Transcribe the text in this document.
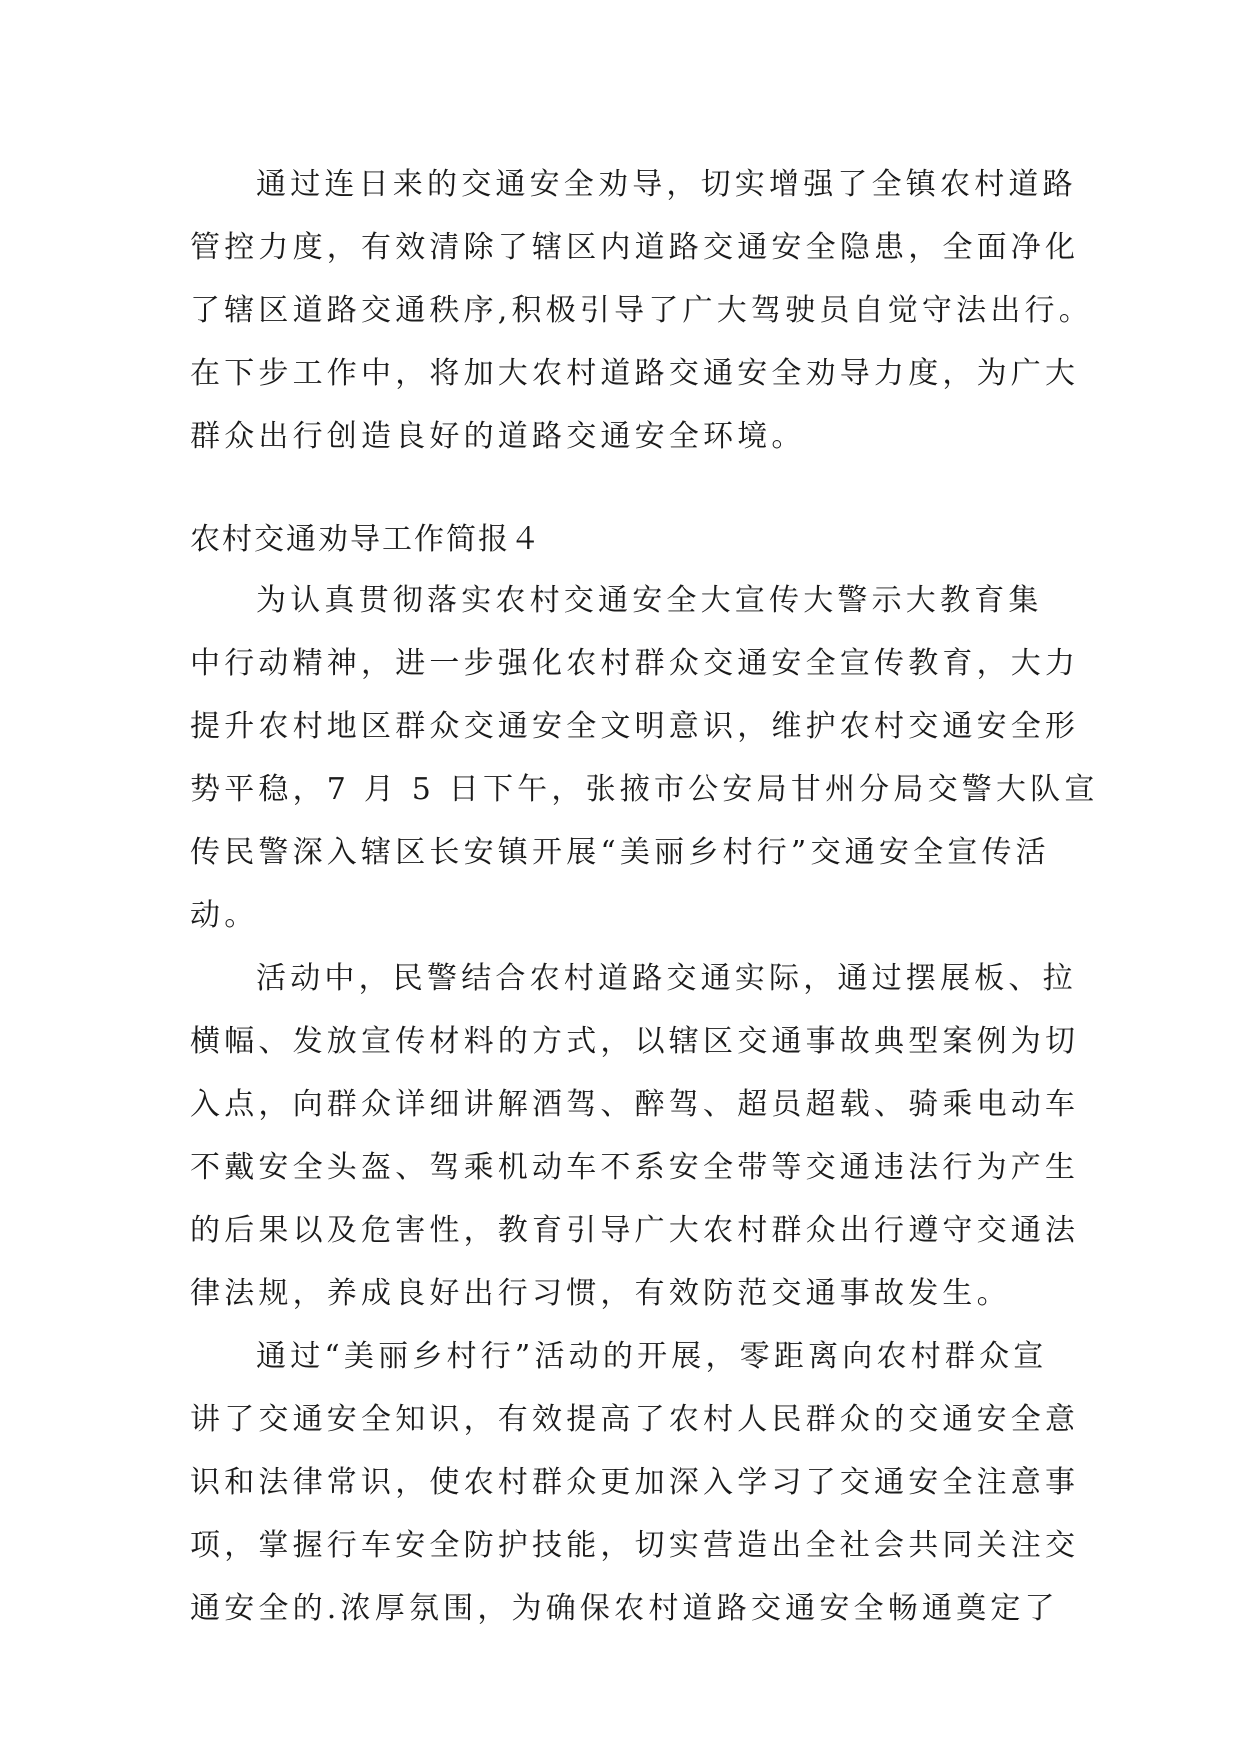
通过连日来的交通安全劝导，切实增强了全镇农村道路
管控力度，有效清除了辖区内道路交通安全隐患，全面净化
了辖区道路交通秩序,积极引导了广大驾驶员自觉守法出行。
在下步工作中，将加大农村道路交通安全劝导力度，为广大
群众出行创造良好的道路交通安全环境。
农村交通劝导工作简报４
为认真贯彻落实农村交通安全大宣传大警示大教育集
中行动精神，进一步强化农村群众交通安全宣传教育，大力
提升农村地区群众交通安全文明意识，维护农村交通安全形
势平稳，7 月 5 日下午，张掖市公安局甘州分局交警大队宣
传民警深入辖区长安镇开展“美丽乡村行”交通安全宣传活
动。
活动中，民警结合农村道路交通实际，通过摆展板、拉
横幅、发放宣传材料的方式，以辖区交通事故典型案例为切
入点，向群众详细讲解酒驾、醉驾、超员超载、骑乘电动车
不戴安全头盔、驾乘机动车不系安全带等交通违法行为产生
的后果以及危害性，教育引导广大农村群众出行遵守交通法
律法规，养成良好出行习惯，有效防范交通事故发生。
通过“美丽乡村行”活动的开展，零距离向农村群众宣
讲了交通安全知识，有效提高了农村人民群众的交通安全意
识和法律常识，使农村群众更加深入学习了交通安全注意事
项，掌握行车安全防护技能，切实营造出全社会共同关注交
通安全的.浓厚氛围，为确保农村道路交通安全畅通奠定了
